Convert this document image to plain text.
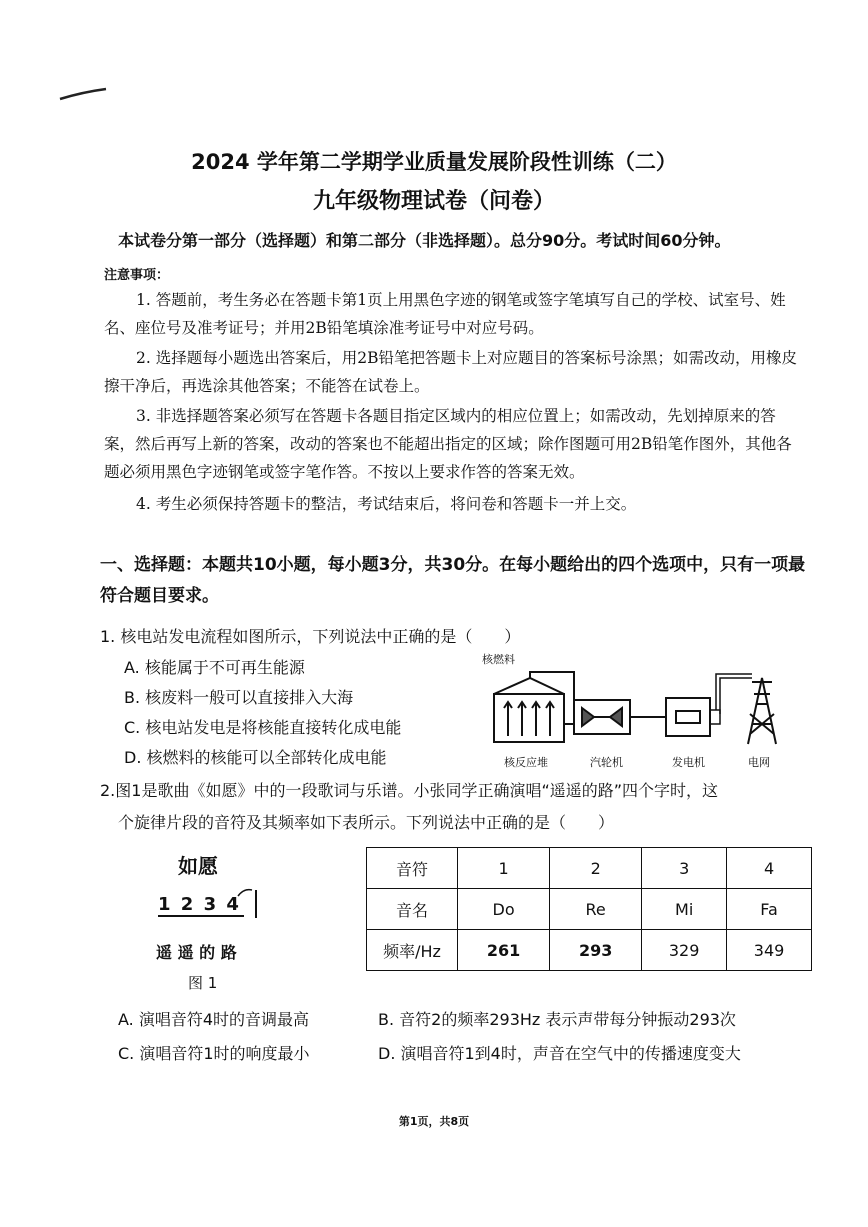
2024 学年第二学期学业质量发展阶段性训练（二）
九年级物理试卷（问卷）
本试卷分第一部分（选择题）和第二部分（非选择题）。总分90分。考试时间60分钟。
注意事项：
1. 答题前，考生务必在答题卡第1页上用黑色字迹的钢笔或签字笔填写自己的学校、试室号、姓名、座位号及准考证号；并用2B铅笔填涂准考证号中对应号码。
2. 选择题每小题选出答案后，用2B铅笔把答题卡上对应题目的答案标号涂黑；如需改动，用橡皮擦干净后，再选涂其他答案；不能答在试卷上。
3. 非选择题答案必须写在答题卡各题目指定区域内的相应位置上；如需改动，先划掉原来的答案，然后再写上新的答案，改动的答案也不能超出指定的区域；除作图题可用2B铅笔作图外，其他各题必须用黑色字迹钢笔或签字笔作答。不按以上要求作答的答案无效。
4. 考生必须保持答题卡的整洁，考试结束后，将问卷和答题卡一并上交。
一、选择题：本题共10小题，每小题3分，共30分。在每小题给出的四个选项中，只有一项最符合题目要求。
1. 核电站发电流程如图所示，下列说法中正确的是（　　）
A. 核能属于不可再生能源
B. 核废料一般可以直接排入大海
C. 核电站发电是将核能直接转化成电能
D. 核燃料的核能可以全部转化成电能
核燃料
核反应堆	汽轮机	发电机	电网
2.图1是歌曲《如愿》中的一段歌词与乐谱。小张同学正确演唱“遥遥的路”四个字时，这
个旋律片段的音符及其频率如下表所示。下列说法中正确的是（　　）
如愿
1 2 3 4
遥 遥 的 路
图 1
音符	1	2	3	4
音名	Do	Re	Mi	Fa
频率/Hz	261	293	329	349
A. 演唱音符4时的音调最高	B. 音符2的频率293Hz 表示声带每分钟振动293次
C. 演唱音符1时的响度最小	D. 演唱音符1到4时，声音在空气中的传播速度变大
第1页，共8页
